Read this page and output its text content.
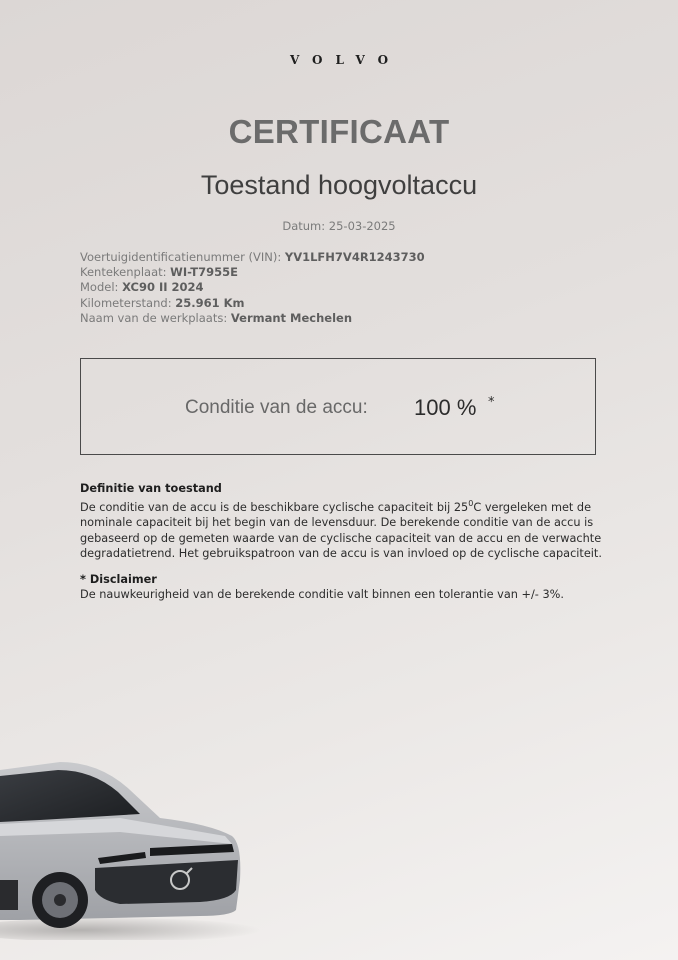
VOLVO
CERTIFICAAT
Toestand hoogvoltaccu
Datum: 25-03-2025
Voertuigidentificatienummer (VIN): YV1LFH7V4R1243730
Kentekenplaat: WI-T7955E
Model: XC90 II 2024
Kilometerstand: 25.961 Km
Naam van de werkplaats: Vermant Mechelen
Conditie van de accu: 100 % *
Definitie van toestand

De conditie van de accu is de beschikbare cyclische capaciteit bij $25^0C$ vergeleken met de nominale capaciteit bij het begin van de levensduur. De berekende conditie van de accu is gebaseerd op de gemeten waarde van de cyclische capaciteit van de accu en de verwachte degradatietrend. Het gebruikspatroon van de accu is van invloed op de cyclische capaciteit.

* Disclaimer

De nauwkeurigheid van de berekende conditie valt binnen een tolerantie van +/- 3%.
